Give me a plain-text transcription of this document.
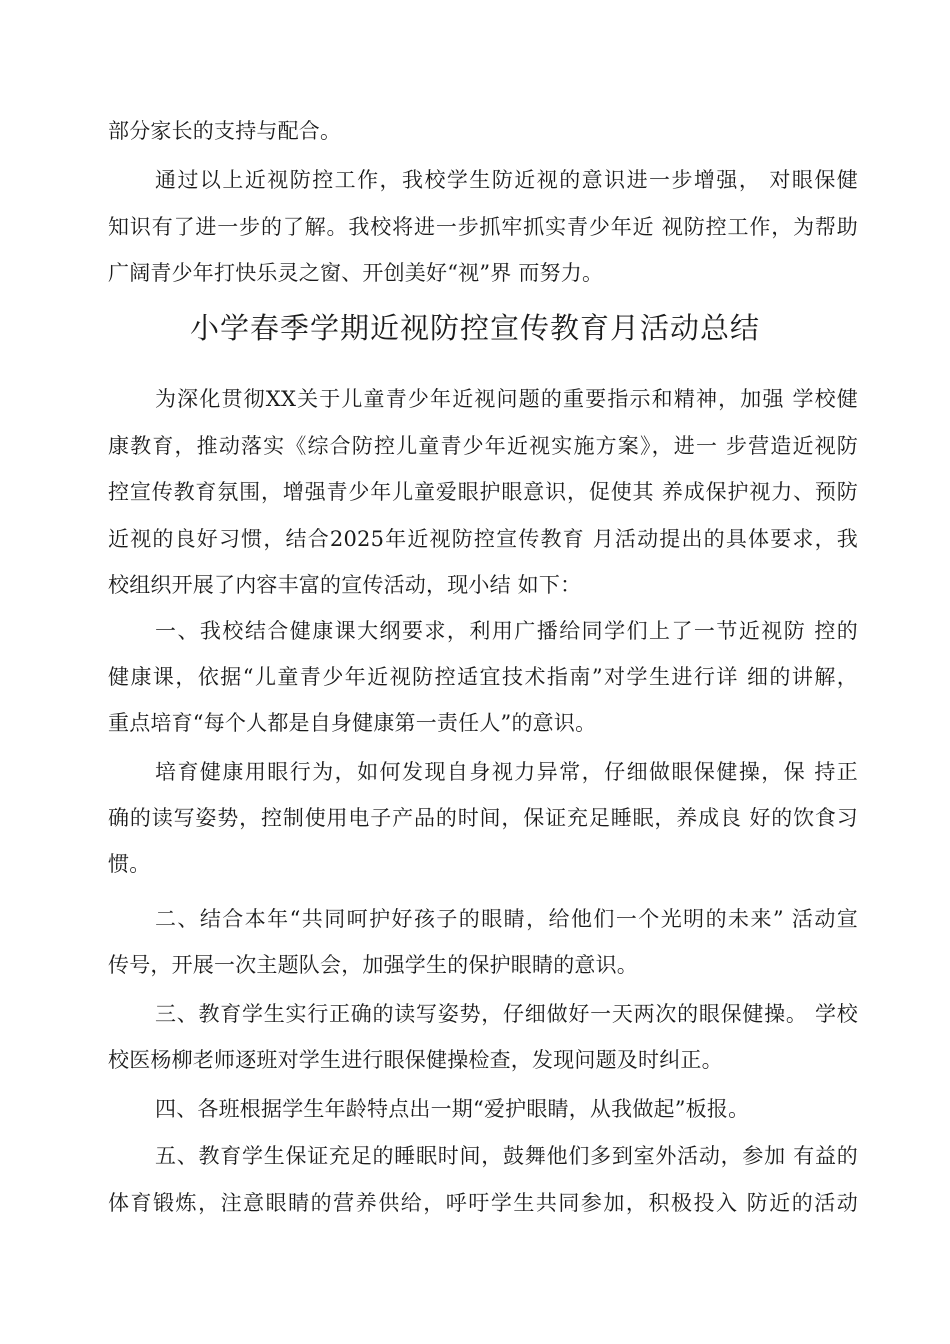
部分家长的支持与配合。
通过以上近视防控工作，我校学生防近视的意识进一步增强， 对眼保健
知识有了进一步的了解。我校将进一步抓牢抓实青少年近 视防控工作，为帮助
广阔青少年打快乐灵之窗、开创美好“视”界 而努力。
小学春季学期近视防控宣传教育月活动总结
为深化贯彻XX关于儿童青少年近视问题的重要指示和精神，加强 学校健
康教育，推动落实《综合防控儿童青少年近视实施方案》，进一 步营造近视防
控宣传教育氛围，增强青少年儿童爱眼护眼意识，促使其 养成保护视力、预防
近视的良好习惯，结合2025年近视防控宣传教育 月活动提出的具体要求，我
校组织开展了内容丰富的宣传活动，现小结 如下：
一、我校结合健康课大纲要求，利用广播给同学们上了一节近视防 控的
健康课，依据“儿童青少年近视防控适宜技术指南”对学生进行详 细的讲解，
重点培育“每个人都是自身健康第一责任人”的意识。
培育健康用眼行为，如何发现自身视力异常，仔细做眼保健操，保 持正
确的读写姿势，控制使用电子产品的时间，保证充足睡眠，养成良 好的饮食习
惯。
二、结合本年“共同呵护好孩子的眼睛，给他们一个光明的未来” 活动宣
传号，开展一次主题队会，加强学生的保护眼睛的意识。
三、教育学生实行正确的读写姿势，仔细做好一天两次的眼保健操。 学校
校医杨柳老师逐班对学生进行眼保健操检查，发现问题及时纠正。
四、各班根据学生年龄特点出一期“爱护眼睛，从我做起”板报。
五、教育学生保证充足的睡眠时间，鼓舞他们多到室外活动，参加 有益的
体育锻炼，注意眼睛的营养供给，呼吁学生共同参加，积极投入 防近的活动
